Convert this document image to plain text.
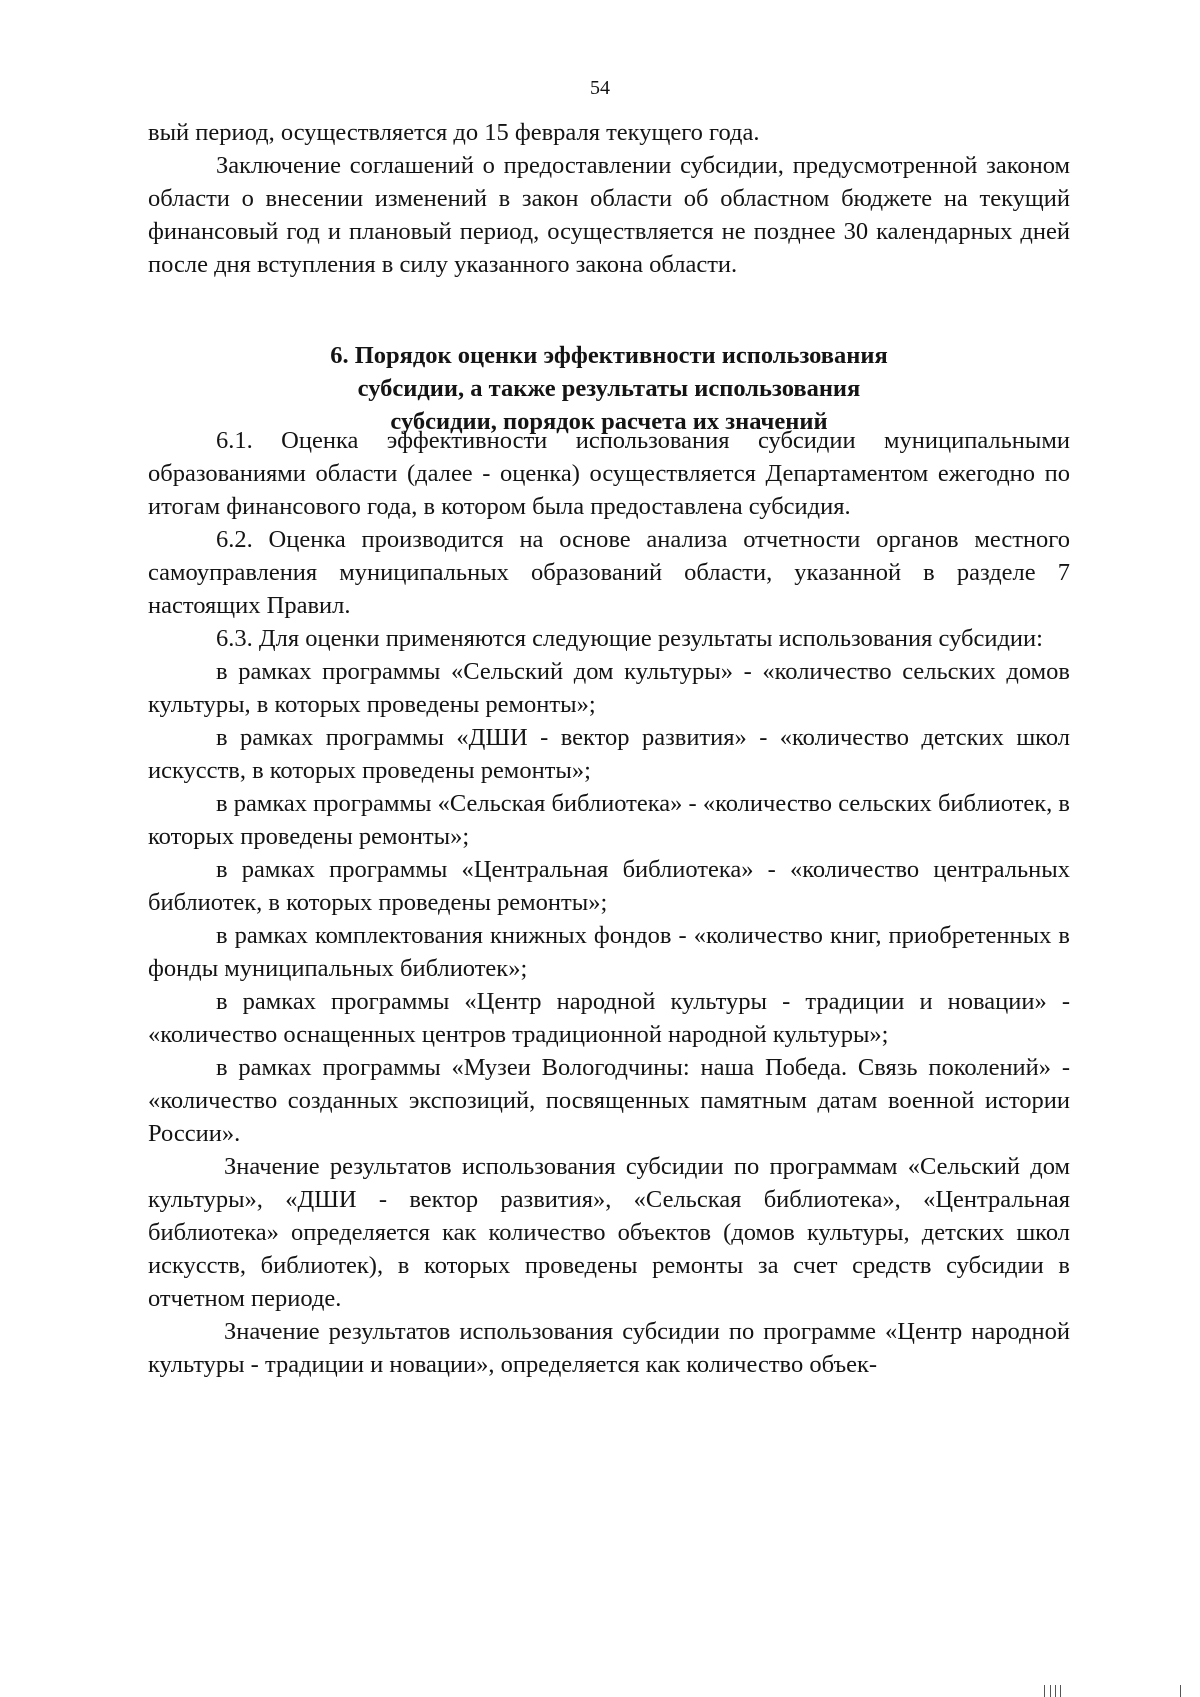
54

вый период, осуществляется до 15 февраля текущего года.

Заключение соглашений о предоставлении субсидии, предусмотренной законом области о внесении изменений в закон области об областном бюджете на текущий финансовый год и плановый период, осуществляется не позднее 30 календарных дней после дня вступления в силу указанного закона области.

6. Порядок оценки эффективности использования
субсидии, а также результаты использования
субсидии, порядок расчета их значений

6.1. Оценка эффективности использования субсидии муниципальными образованиями области (далее - оценка) осуществляется Департаментом ежегодно по итогам финансового года, в котором была предоставлена субсидия.

6.2. Оценка производится на основе анализа отчетности органов местного самоуправления муниципальных образований области, указанной в разделе 7 настоящих Правил.

6.3. Для оценки применяются следующие результаты использования субсидии:

в рамках программы «Сельский дом культуры» - «количество сельских домов культуры, в которых проведены ремонты»;

в рамках программы «ДШИ - вектор развития» - «количество детских школ искусств, в которых проведены ремонты»;

в рамках программы «Сельская библиотека» - «количество сельских библиотек, в которых проведены ремонты»;

в рамках программы «Центральная библиотека» - «количество центральных библиотек, в которых проведены ремонты»;

в рамках комплектования книжных фондов - «количество книг, приобретенных в фонды муниципальных библиотек»;

в рамках программы «Центр народной культуры - традиции и новации» - «количество оснащенных центров традиционной народной культуры»;

в рамках программы «Музеи Вологодчины: наша Победа. Связь поколений» - «количество созданных экспозиций, посвященных памятным датам военной истории России».

Значение результатов использования субсидии по программам «Сельский дом культуры», «ДШИ - вектор развития», «Сельская библиотека», «Центральная библиотека» определяется как количество объектов (домов культуры, детских школ искусств, библиотек), в которых проведены ремонты за счет средств субсидии в отчетном периоде.

Значение результатов использования субсидии по программе «Центр народной культуры - традиции и новации», определяется как количество объек-
